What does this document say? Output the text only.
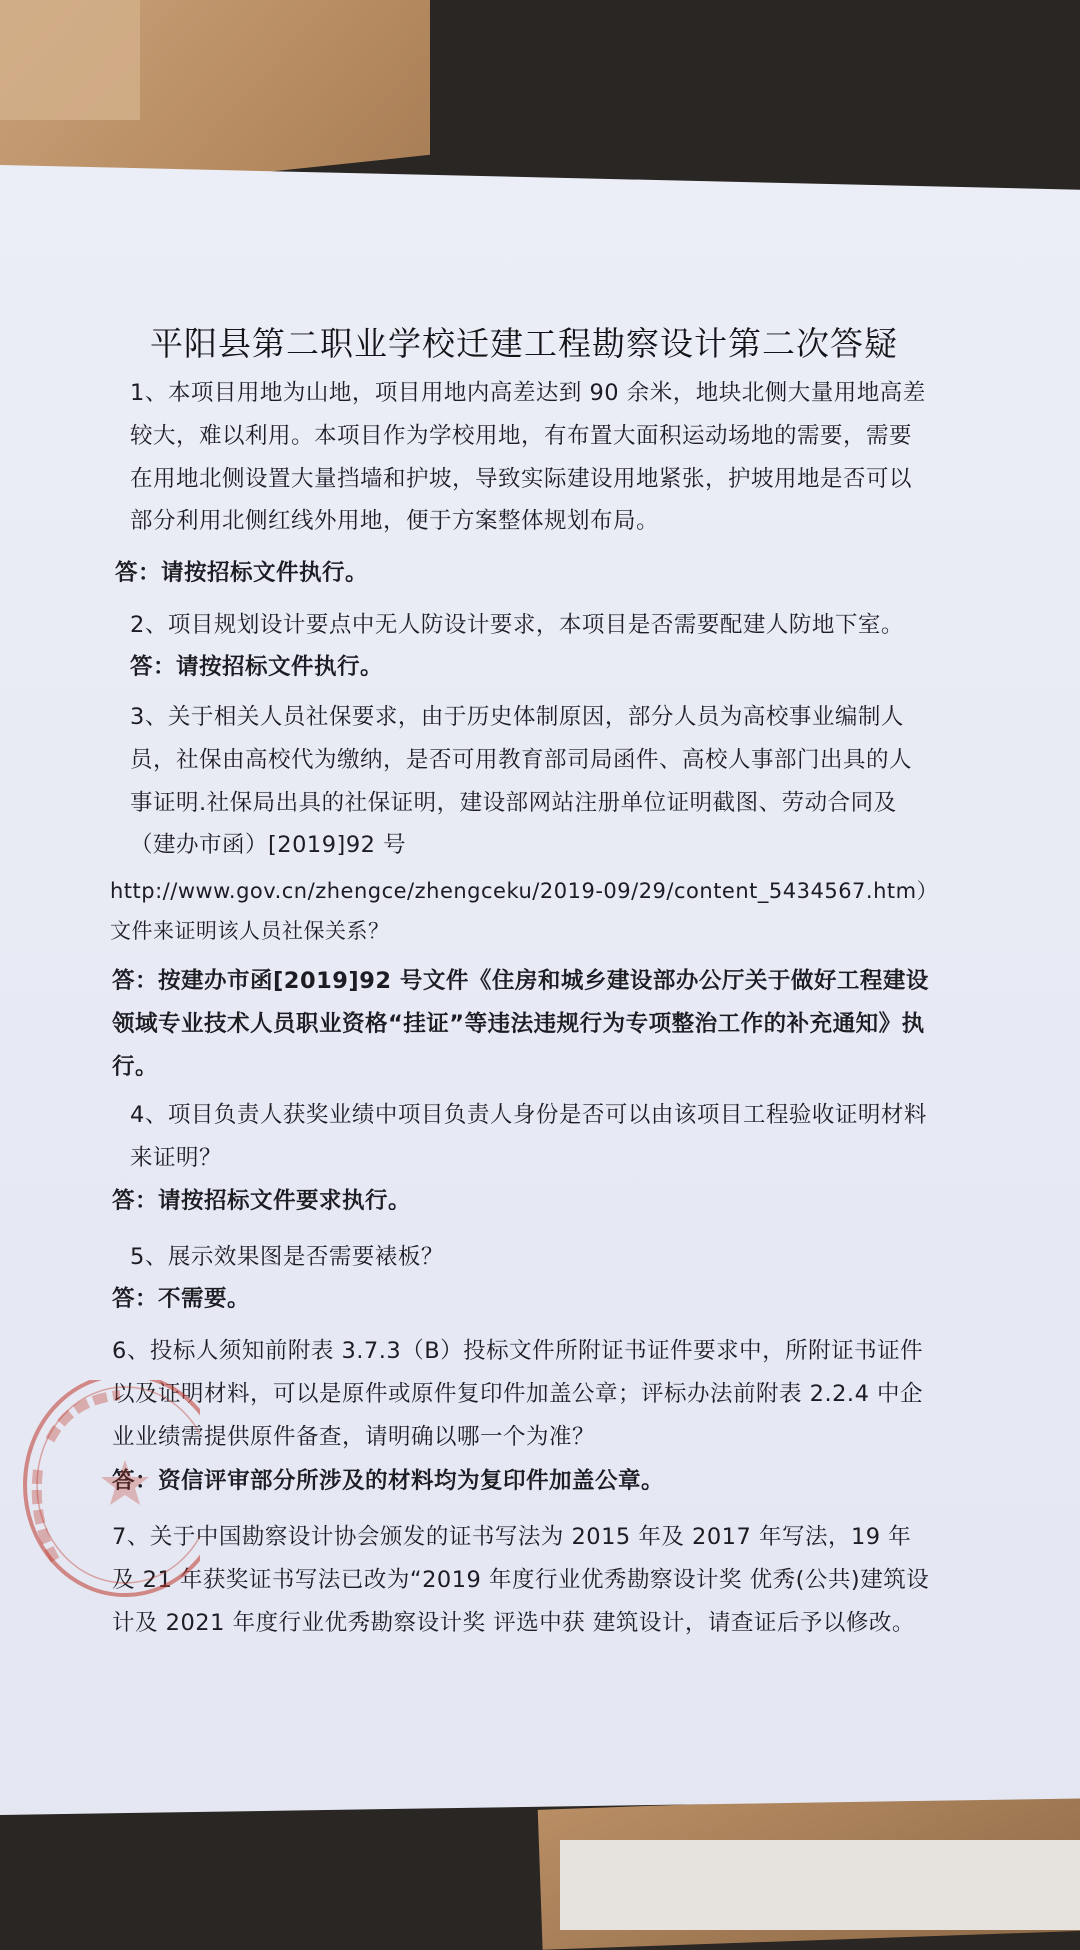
平阳县第二职业学校迁建工程勘察设计第二次答疑
1、本项目用地为山地，项目用地内高差达到 90 余米，地块北侧大量用地高差较大，难以利用。本项目作为学校用地，有布置大面积运动场地的需要，需要在用地北侧设置大量挡墙和护坡，导致实际建设用地紧张，护坡用地是否可以部分利用北侧红线外用地，便于方案整体规划布局。
答：请按招标文件执行。
2、项目规划设计要点中无人防设计要求，本项目是否需要配建人防地下室。
答：请按招标文件执行。
3、关于相关人员社保要求，由于历史体制原因，部分人员为高校事业编制人员，社保由高校代为缴纳，是否可用教育部司局函件、高校人事部门出具的人事证明.社保局出具的社保证明，建设部网站注册单位证明截图、劳动合同及（建办市函）[2019]92 号
http://www.gov.cn/zhengce/zhengceku/2019-09/29/content_5434567.htm）文件来证明该人员社保关系？
答：按建办市函[2019]92 号文件《住房和城乡建设部办公厅关于做好工程建设领域专业技术人员职业资格“挂证”等违法违规行为专项整治工作的补充通知》执行。
4、项目负责人获奖业绩中项目负责人身份是否可以由该项目工程验收证明材料来证明？
答：请按招标文件要求执行。
5、展示效果图是否需要裱板？
答：不需要。
6、投标人须知前附表 3.7.3（B）投标文件所附证书证件要求中，所附证书证件以及证明材料，可以是原件或原件复印件加盖公章；评标办法前附表 2.2.4 中企业业绩需提供原件备查，请明确以哪一个为准？
答：资信评审部分所涉及的材料均为复印件加盖公章。
7、关于中国勘察设计协会颁发的证书写法为 2015 年及 2017 年写法，19 年及 21 年获奖证书写法已改为“2019 年度行业优秀勘察设计奖 优秀(公共)建筑设计及 2021 年度行业优秀勘察设计奖 评选中获 建筑设计，请查证后予以修改。
